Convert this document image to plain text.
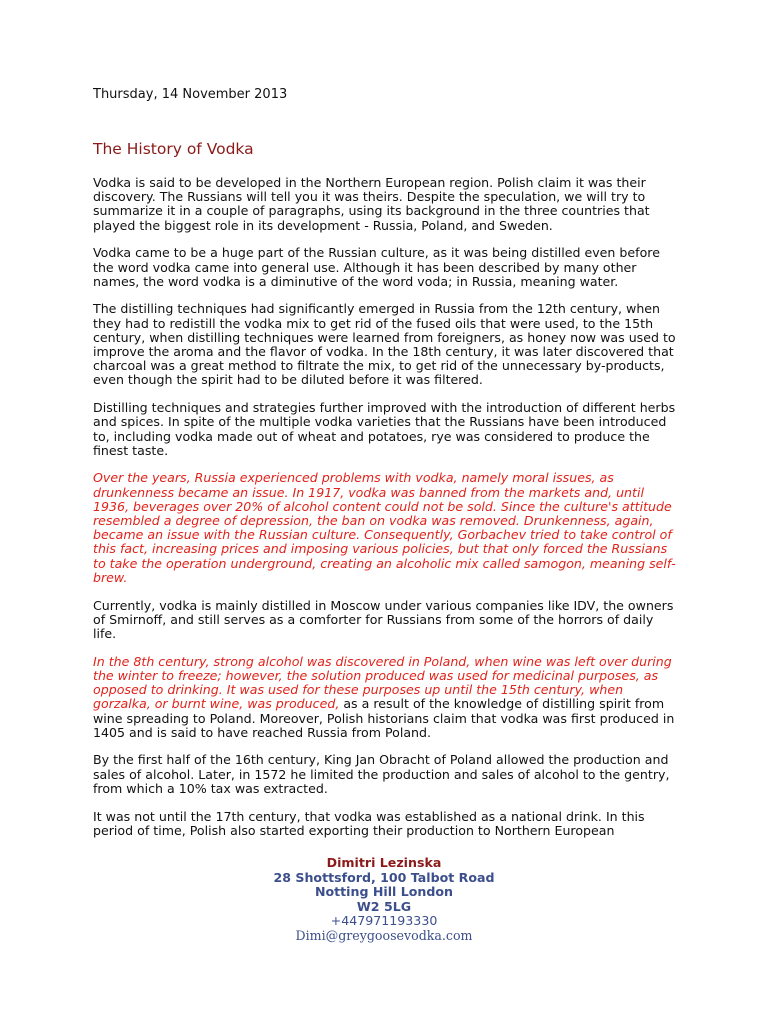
Thursday, 14 November 2013
The History of Vodka

Vodka is said to be developed in the Northern European region. Polish claim it was their discovery. The Russians will tell you it was theirs. Despite the speculation, we will try to summarize it in a couple of paragraphs, using its background in the three countries that played the biggest role in its development - Russia, Poland, and Sweden.

Vodka came to be a huge part of the Russian culture, as it was being distilled even before the word vodka came into general use. Although it has been described by many other names, the word vodka is a diminutive of the word voda; in Russia, meaning water.

The distilling techniques had significantly emerged in Russia from the 12th century, when they had to redistill the vodka mix to get rid of the fused oils that were used, to the 15th century, when distilling techniques were learned from foreigners, as honey now was used to improve the aroma and the flavor of vodka. In the 18th century, it was later discovered that charcoal was a great method to filtrate the mix, to get rid of the unnecessary by-products, even though the spirit had to be diluted before it was filtered.

Distilling techniques and strategies further improved with the introduction of different herbs and spices. In spite of the multiple vodka varieties that the Russians have been introduced to, including vodka made out of wheat and potatoes, rye was considered to produce the finest taste.

Over the years, Russia experienced problems with vodka, namely moral issues, as drunkenness became an issue. In 1917, vodka was banned from the markets and, until 1936, beverages over 20% of alcohol content could not be sold. Since the culture's attitude resembled a degree of depression, the ban on vodka was removed. Drunkenness, again, became an issue with the Russian culture. Consequently, Gorbachev tried to take control of this fact, increasing prices and imposing various policies, but that only forced the Russians to take the operation underground, creating an alcoholic mix called samogon, meaning self-brew.

Currently, vodka is mainly distilled in Moscow under various companies like IDV, the owners of Smirnoff, and still serves as a comforter for Russians from some of the horrors of daily life.

In the 8th century, strong alcohol was discovered in Poland, when wine was left over during the winter to freeze; however, the solution produced was used for medicinal purposes, as opposed to drinking. It was used for these purposes up until the 15th century, when gorzalka, or burnt wine, was produced, as a result of the knowledge of distilling spirit from wine spreading to Poland. Moreover, Polish historians claim that vodka was first produced in 1405 and is said to have reached Russia from Poland.

By the first half of the 16th century, King Jan Obracht of Poland allowed the production and sales of alcohol. Later, in 1572 he limited the production and sales of alcohol to the gentry, from which a 10% tax was extracted.

It was not until the 17th century, that vodka was established as a national drink. In this period of time, Polish also started exporting their production to Northern European

Dimitri Lezinska
28 Shottsford, 100 Talbot Road
Notting Hill London
W2 5LG
+447971193330
Dimi@greygoosevodka.com
